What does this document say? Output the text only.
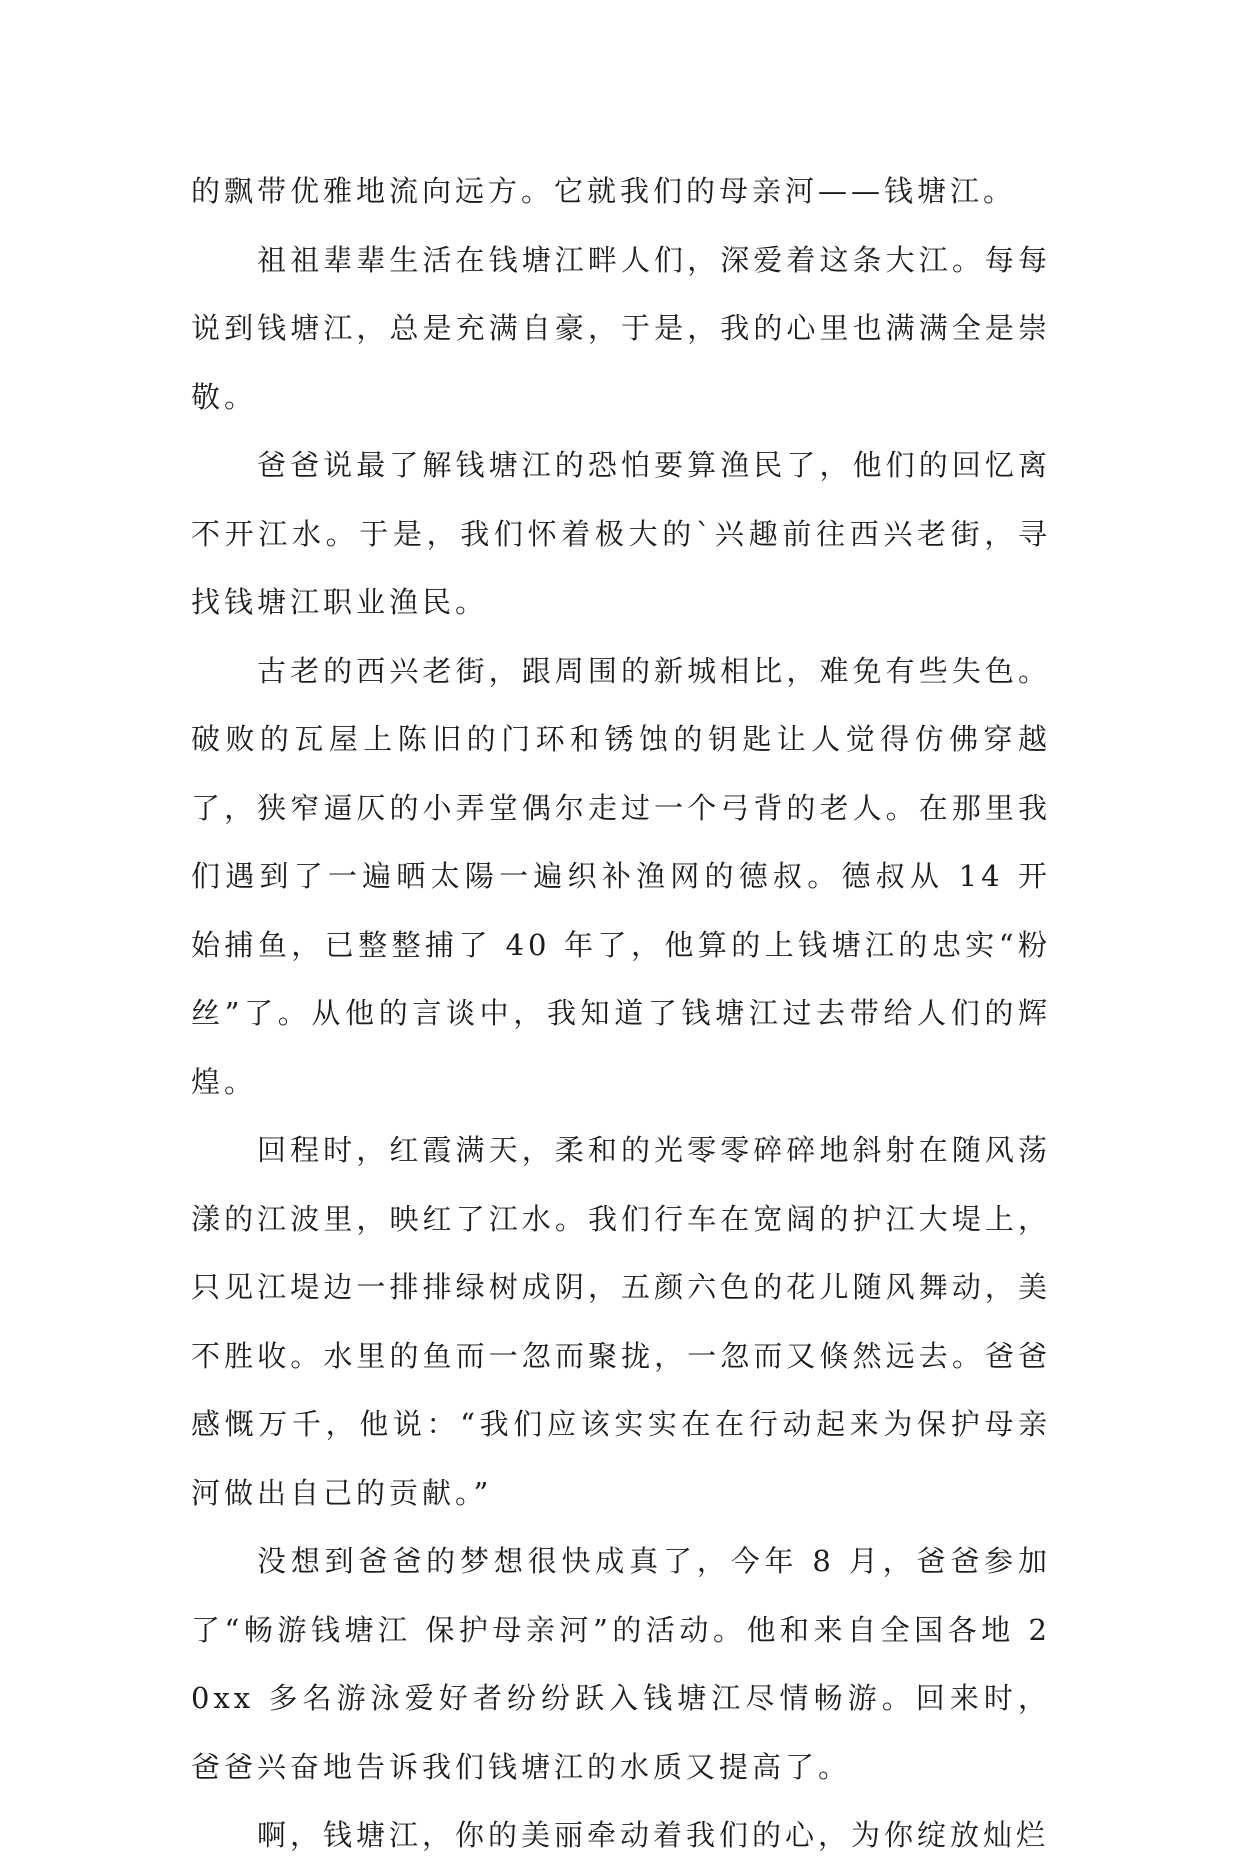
的飘带优雅地流向远方。它就我们的母亲河——钱塘江。

祖祖辈辈生活在钱塘江畔人们，深爱着这条大江。每每说到钱塘江，总是充满自豪，于是，我的心里也满满全是崇敬。

爸爸说最了解钱塘江的恐怕要算渔民了，他们的回忆离不开江水。于是，我们怀着极大的`兴趣前往西兴老街，寻找钱塘江职业渔民。

古老的西兴老街，跟周围的新城相比，难免有些失色。破败的瓦屋上陈旧的门环和锈蚀的钥匙让人觉得仿佛穿越了，狭窄逼仄的小弄堂偶尔走过一个弓背的老人。在那里我们遇到了一遍晒太陽一遍织补渔网的德叔。德叔从 14 开始捕鱼，已整整捕了 40 年了，他算的上钱塘江的忠实“粉丝”了。从他的言谈中，我知道了钱塘江过去带给人们的辉煌。

回程时，红霞满天，柔和的光零零碎碎地斜射在随风荡漾的江波里，映红了江水。我们行车在宽阔的护江大堤上，只见江堤边一排排绿树成阴，五颜六色的花儿随风舞动，美不胜收。水里的鱼而一忽而聚拢，一忽而又倏然远去。爸爸感慨万千，他说：“我们应该实实在在行动起来为保护母亲河做出自己的贡献。”

没想到爸爸的梦想很快成真了，今年 8 月，爸爸参加了“畅游钱塘江 保护母亲河”的活动。他和来自全国各地 20xx 多名游泳爱好者纷纷跃入钱塘江尽情畅游。回来时，爸爸兴奋地告诉我们钱塘江的水质又提高了。

啊，钱塘江，你的美丽牵动着我们的心，为你绽放灿烂
